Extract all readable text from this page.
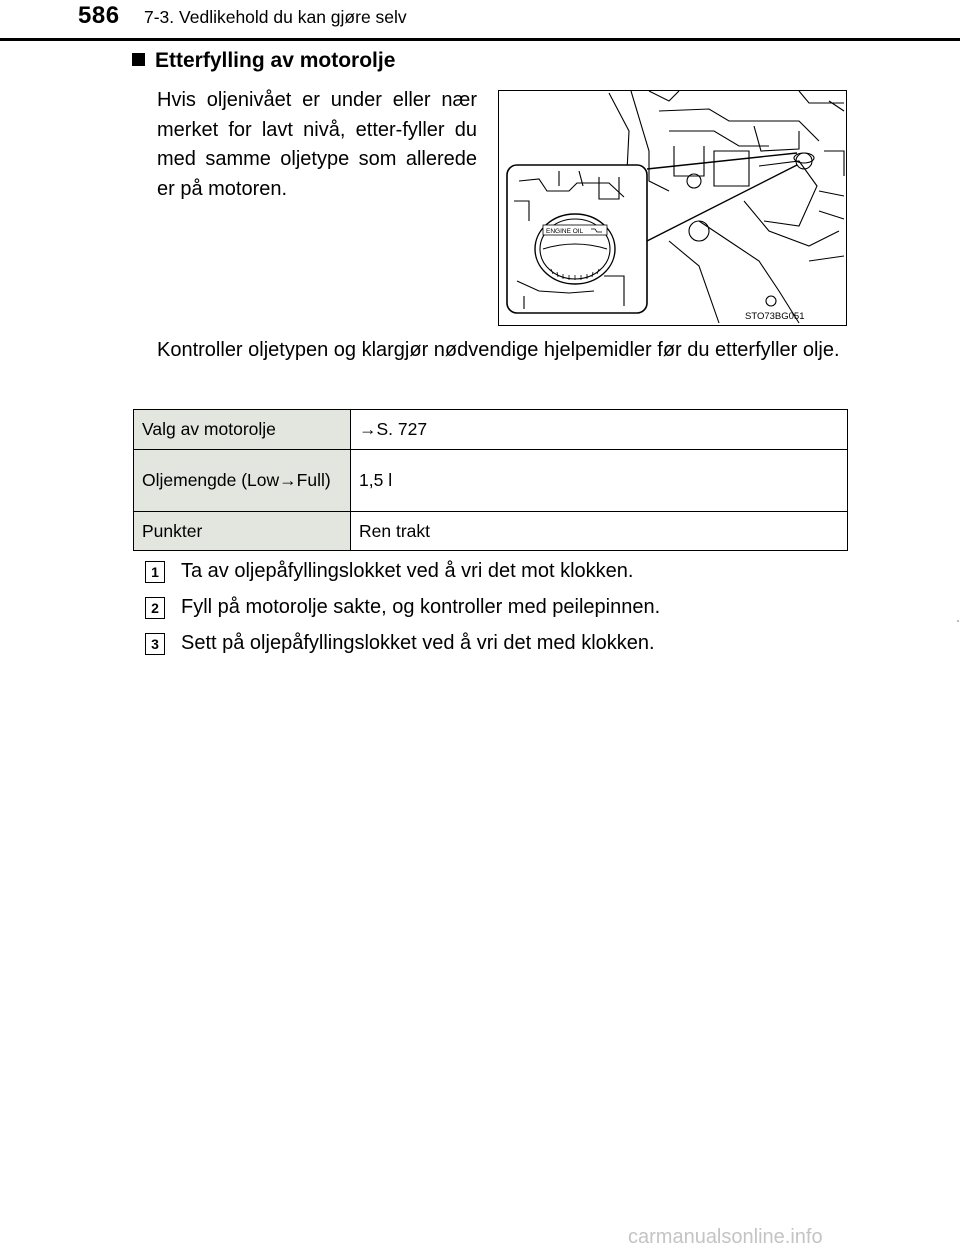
586 7-3. Vedlikehold du kan gjøre selv
Etterfylling av motorolje
Hvis oljenivået er under eller nær merket for lavt nivå, etter-fyller du med samme oljetype som allerede er på motoren.
ENGINE OIL
STO73BG051
Kontroller oljetypen og klargjør nødvendige hjelpemidler før du etterfyller olje.
Valg av motorolje	→S. 727
Oljemengde (Low→Full)	1,5 l
Punkter	Ren trakt
1	Ta av oljepåfyllingslokket ved å vri det mot klokken.
2	Fyll på motorolje sakte, og kontroller med peilepinnen.
3	Sett på oljepåfyllingslokket ved å vri det med klokken.
carmanualsonline.info
